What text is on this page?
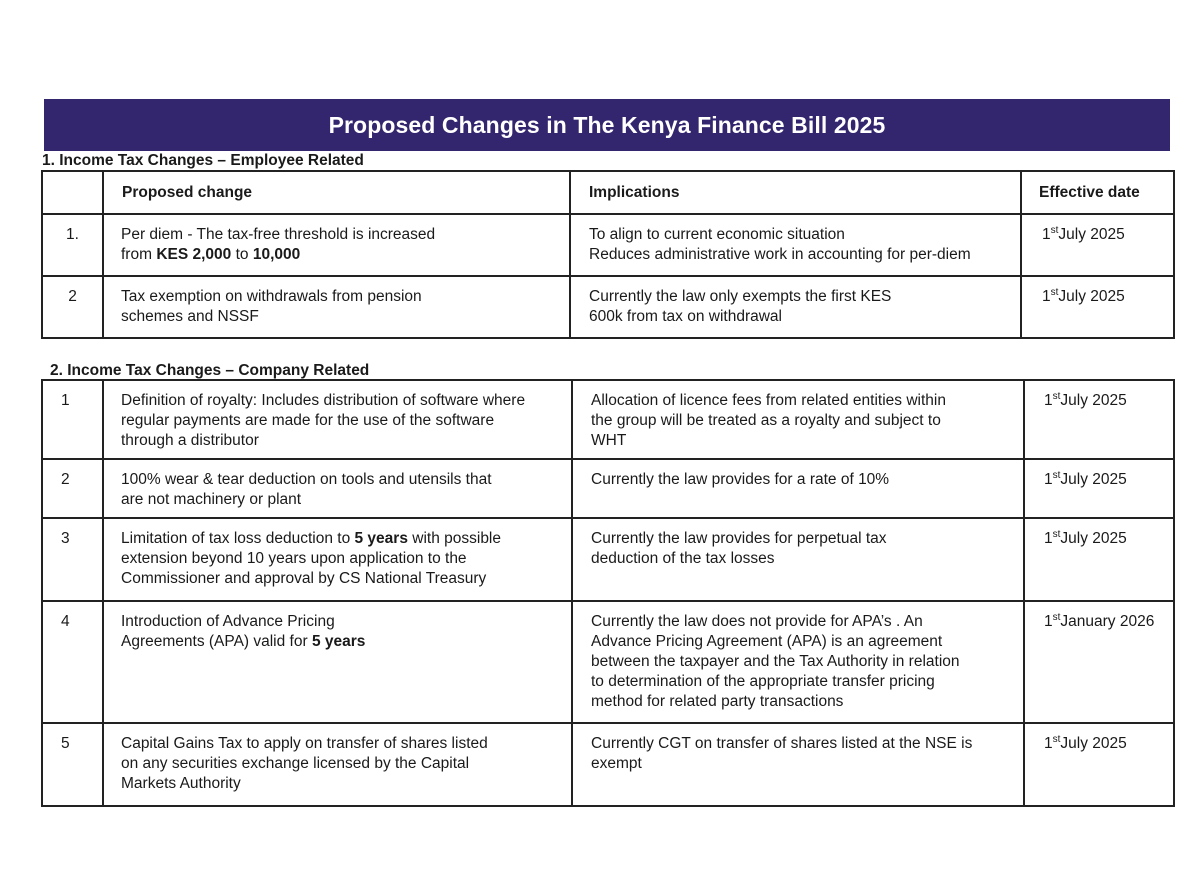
Proposed Changes in The Kenya Finance Bill 2025
1. Income Tax Changes – Employee Related
	Proposed change	Implications	Effective date
1.	Per diem - The tax-free threshold is increased
from KES 2,000 to 10,000	To align to current economic situation
Reduces administrative work in accounting for per-diem	1stJuly 2025
2	Tax exemption on withdrawals from pension
schemes and NSSF	Currently the law only exempts the first KES
600k from tax on withdrawal	1stJuly 2025
2. Income Tax Changes – Company Related
1	Definition of royalty: Includes distribution of software where
regular payments are made for the use of the software
through a distributor	Allocation of licence fees from related entities within
the group will be treated as a royalty and subject to
WHT	1stJuly 2025
2	100% wear & tear deduction on tools and utensils that
are not machinery or plant	Currently the law provides for a rate of 10%	1stJuly 2025
3	Limitation of tax loss deduction to 5 years with possible
extension beyond 10 years upon application to the
Commissioner and approval by CS National Treasury	Currently the law provides for perpetual tax
deduction of the tax losses	1stJuly 2025
4	Introduction of Advance Pricing
Agreements (APA) valid for 5 years	Currently the law does not provide for APA’s . An
Advance Pricing Agreement (APA) is an agreement
between the taxpayer and the Tax Authority in relation
to determination of the appropriate transfer pricing
method for related party transactions	1stJanuary 2026
5	Capital Gains Tax to apply on transfer of shares listed
on any securities exchange licensed by the Capital
Markets Authority	Currently CGT on transfer of shares listed at the NSE is
exempt	1stJuly 2025
